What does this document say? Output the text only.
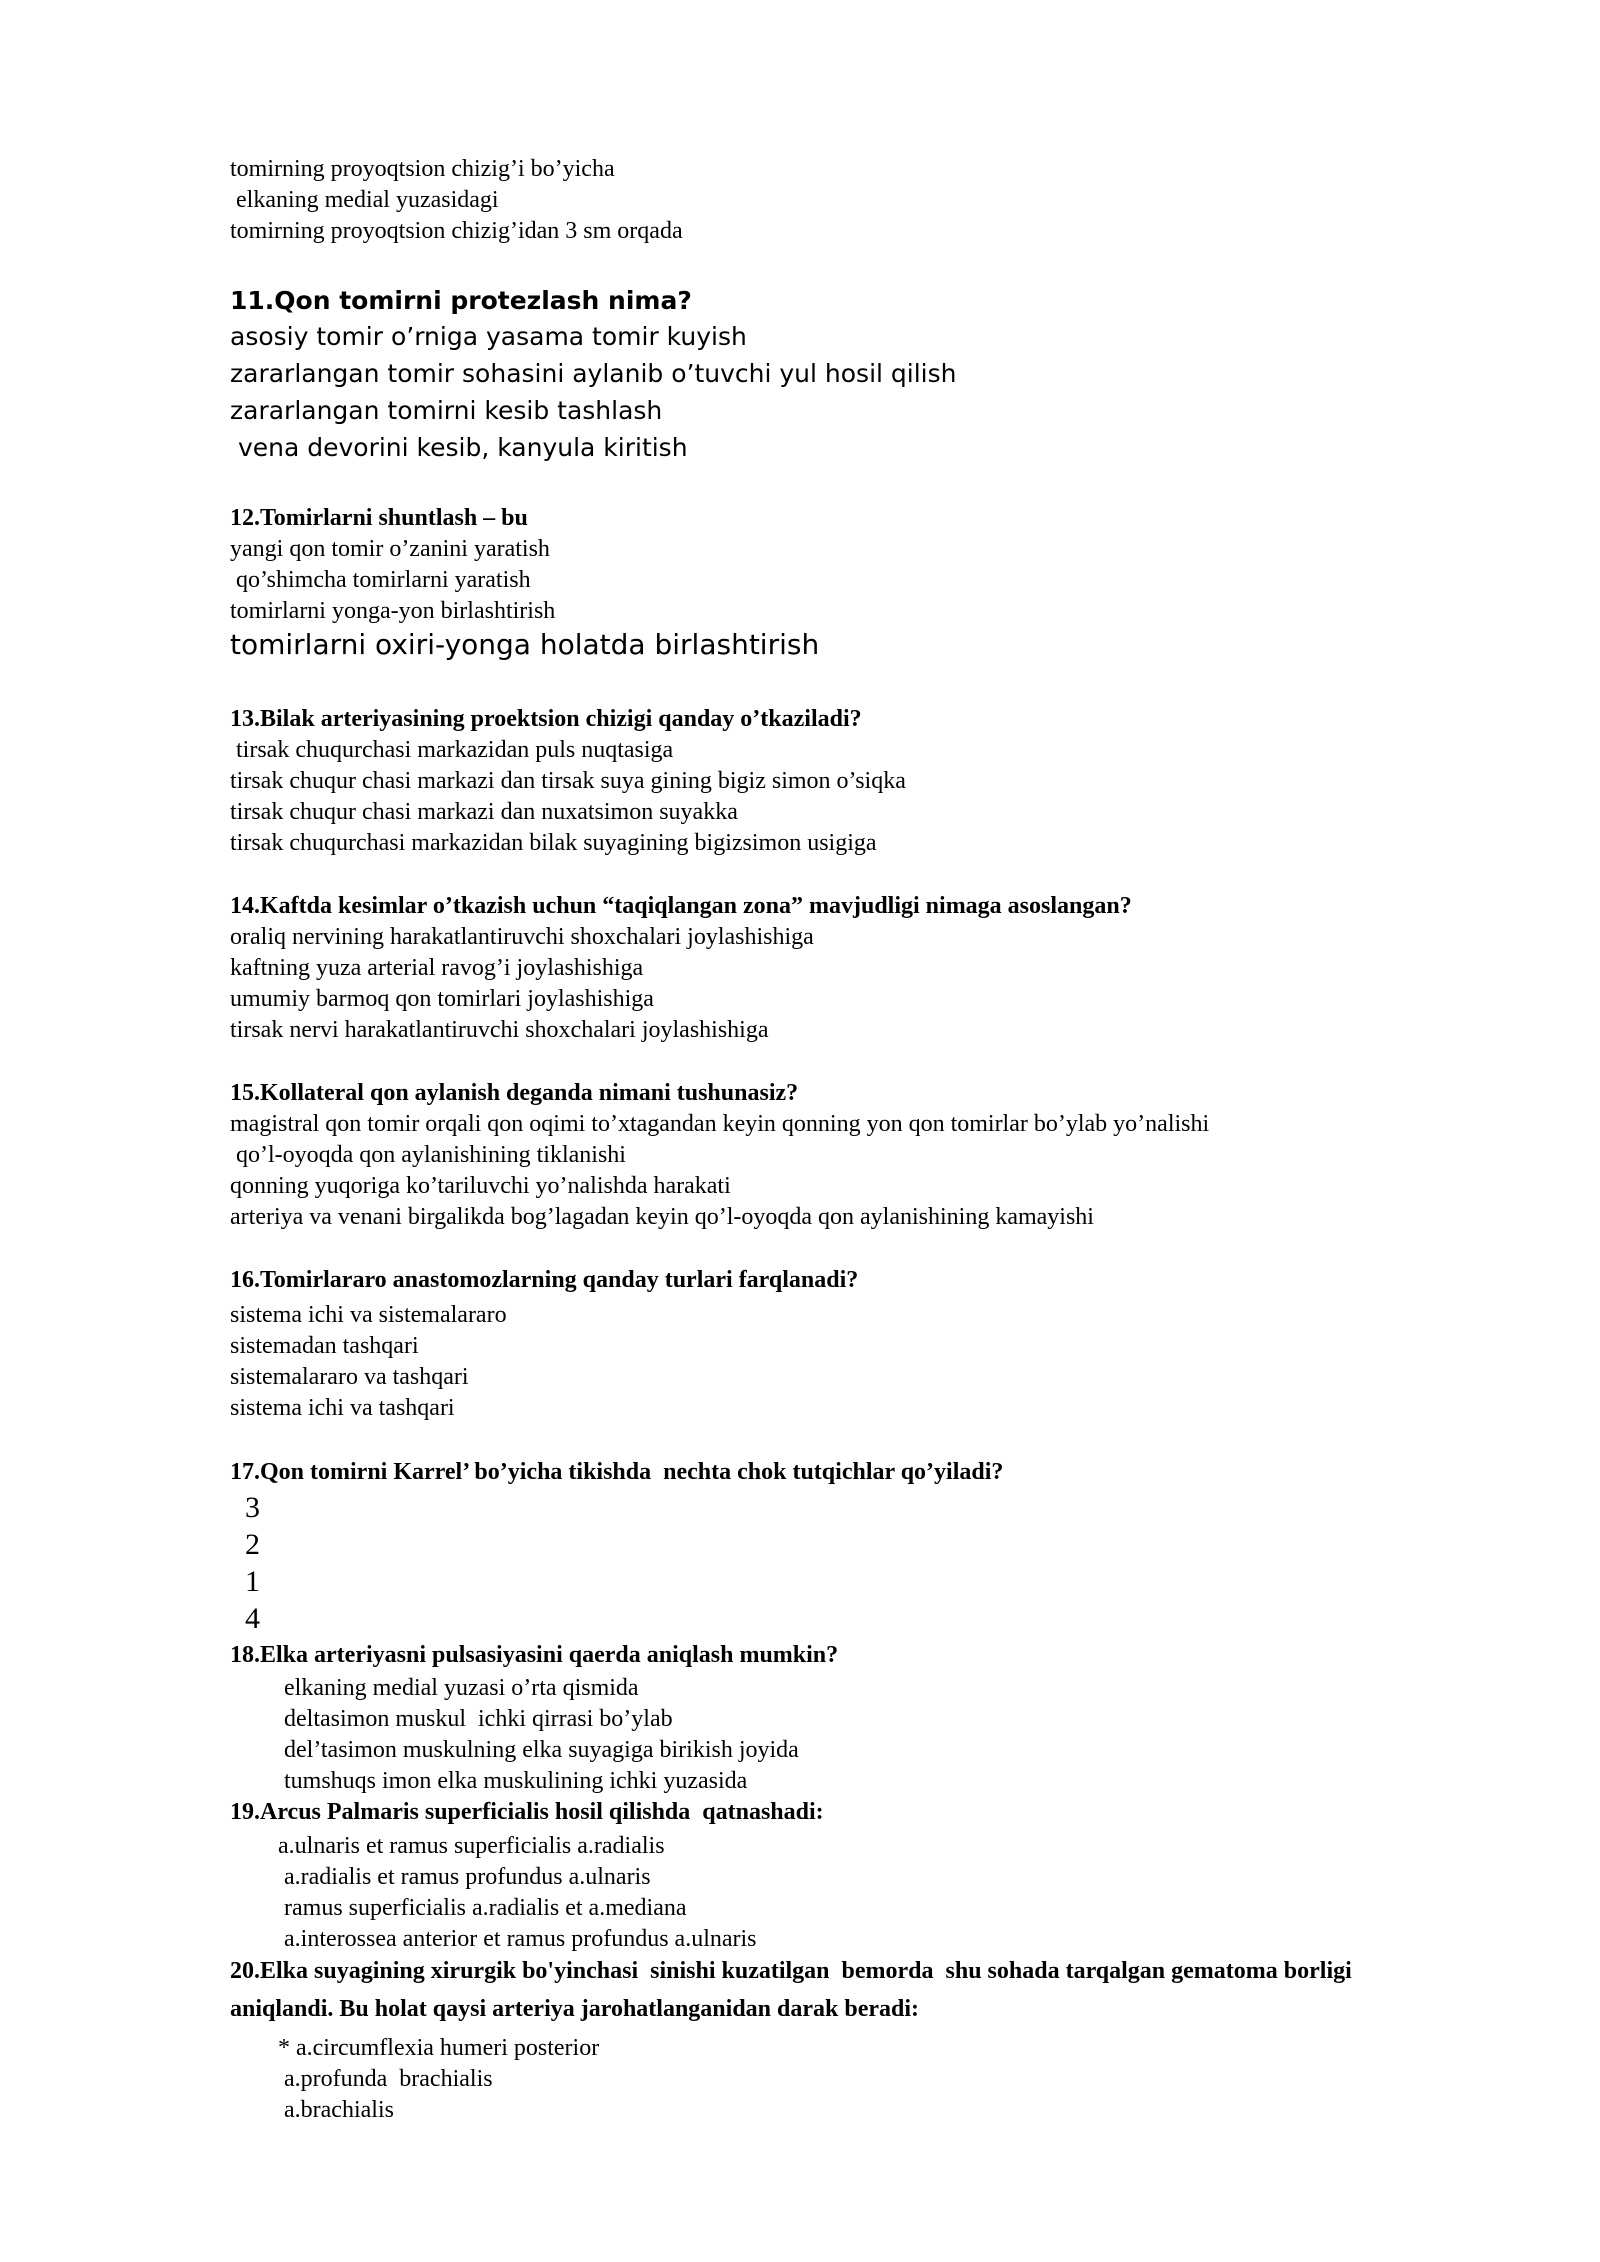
tomirning proyoqtsion chizig’i bo’yicha
elkaning medial yuzasidagi
tomirning proyoqtsion chizig’idan 3 sm orqada
11.Qon tomirni protezlash nima?
asosiy tomir o’rniga yasama tomir kuyish
zararlangan tomir sohasini aylanib o’tuvchi yul hosil qilish
zararlangan tomirni kesib tashlash
vena devorini kesib, kanyula kiritish
12.Tomirlarni shuntlash – bu
yangi qon tomir o’zanini yaratish
qo’shimcha tomirlarni yaratish
tomirlarni yonga-yon birlashtirish
tomirlarni oxiri-yonga holatda birlashtirish
13.Bilak arteriyasining proektsion chizigi qanday o’tkaziladi?
tirsak chuqurchasi markazidan puls nuqtasiga
tirsak chuqur chasi markazi dan tirsak suya gining bigiz simon o’siqka
tirsak chuqur chasi markazi dan nuxatsimon suyakka
tirsak chuqurchasi markazidan bilak suyagining bigizsimon usigiga
14.Kaftda kesimlar o’tkazish uchun “taqiqlangan zona” mavjudligi nimaga asoslangan?
oraliq nervining harakatlantiruvchi shoxchalari joylashishiga
kaftning yuza arterial ravog’i joylashishiga
umumiy barmoq qon tomirlari joylashishiga
tirsak nervi harakatlantiruvchi shoxchalari joylashishiga
15.Kollateral qon aylanish deganda nimani tushunasiz?
magistral qon tomir orqali qon oqimi to’xtagandan keyin qonning yon qon tomirlar bo’ylab yo’nalishi
qo’l-oyoqda qon aylanishining tiklanishi
qonning yuqoriga ko’tariluvchi yo’nalishda harakati
arteriya va venani birgalikda bog’lagadan keyin qo’l-oyoqda qon aylanishining kamayishi
16.Tomirlararo anastomozlarning qanday turlari farqlanadi?
sistema ichi va sistemalararo
sistemadan tashqari
sistemalararo va tashqari
sistema ichi va tashqari
17.Qon tomirni Karrel’ bo’yicha tikishda  nechta chok tutqichlar qo’yiladi?
3
2
1
4
18.Elka arteriyasni pulsasiyasini qaerda aniqlash mumkin?
elkaning medial yuzasi o’rta qismida
deltasimon muskul  ichki qirrasi bo’ylab
del’tasimon muskulning elka suyagiga birikish joyida
tumshuqs imon elka muskulining ichki yuzasida
19.Arcus Palmaris superficialis hosil qilishda  qatnashadi:
a.ulnaris et ramus superficialis a.radialis
a.radialis et ramus profundus a.ulnaris
ramus superficialis a.radialis et a.mediana
a.interossea anterior et ramus profundus a.ulnaris
20.Elka suyagining xirurgik bo'yinchasi  sinishi kuzatilgan  bemorda  shu sohada tarqalgan gematoma borligi
aniqlandi. Bu holat qaysi arteriya jarohatlanganidan darak beradi:
* a.circumflexia humeri posterior
a.profunda  brachialis
a.brachialis
